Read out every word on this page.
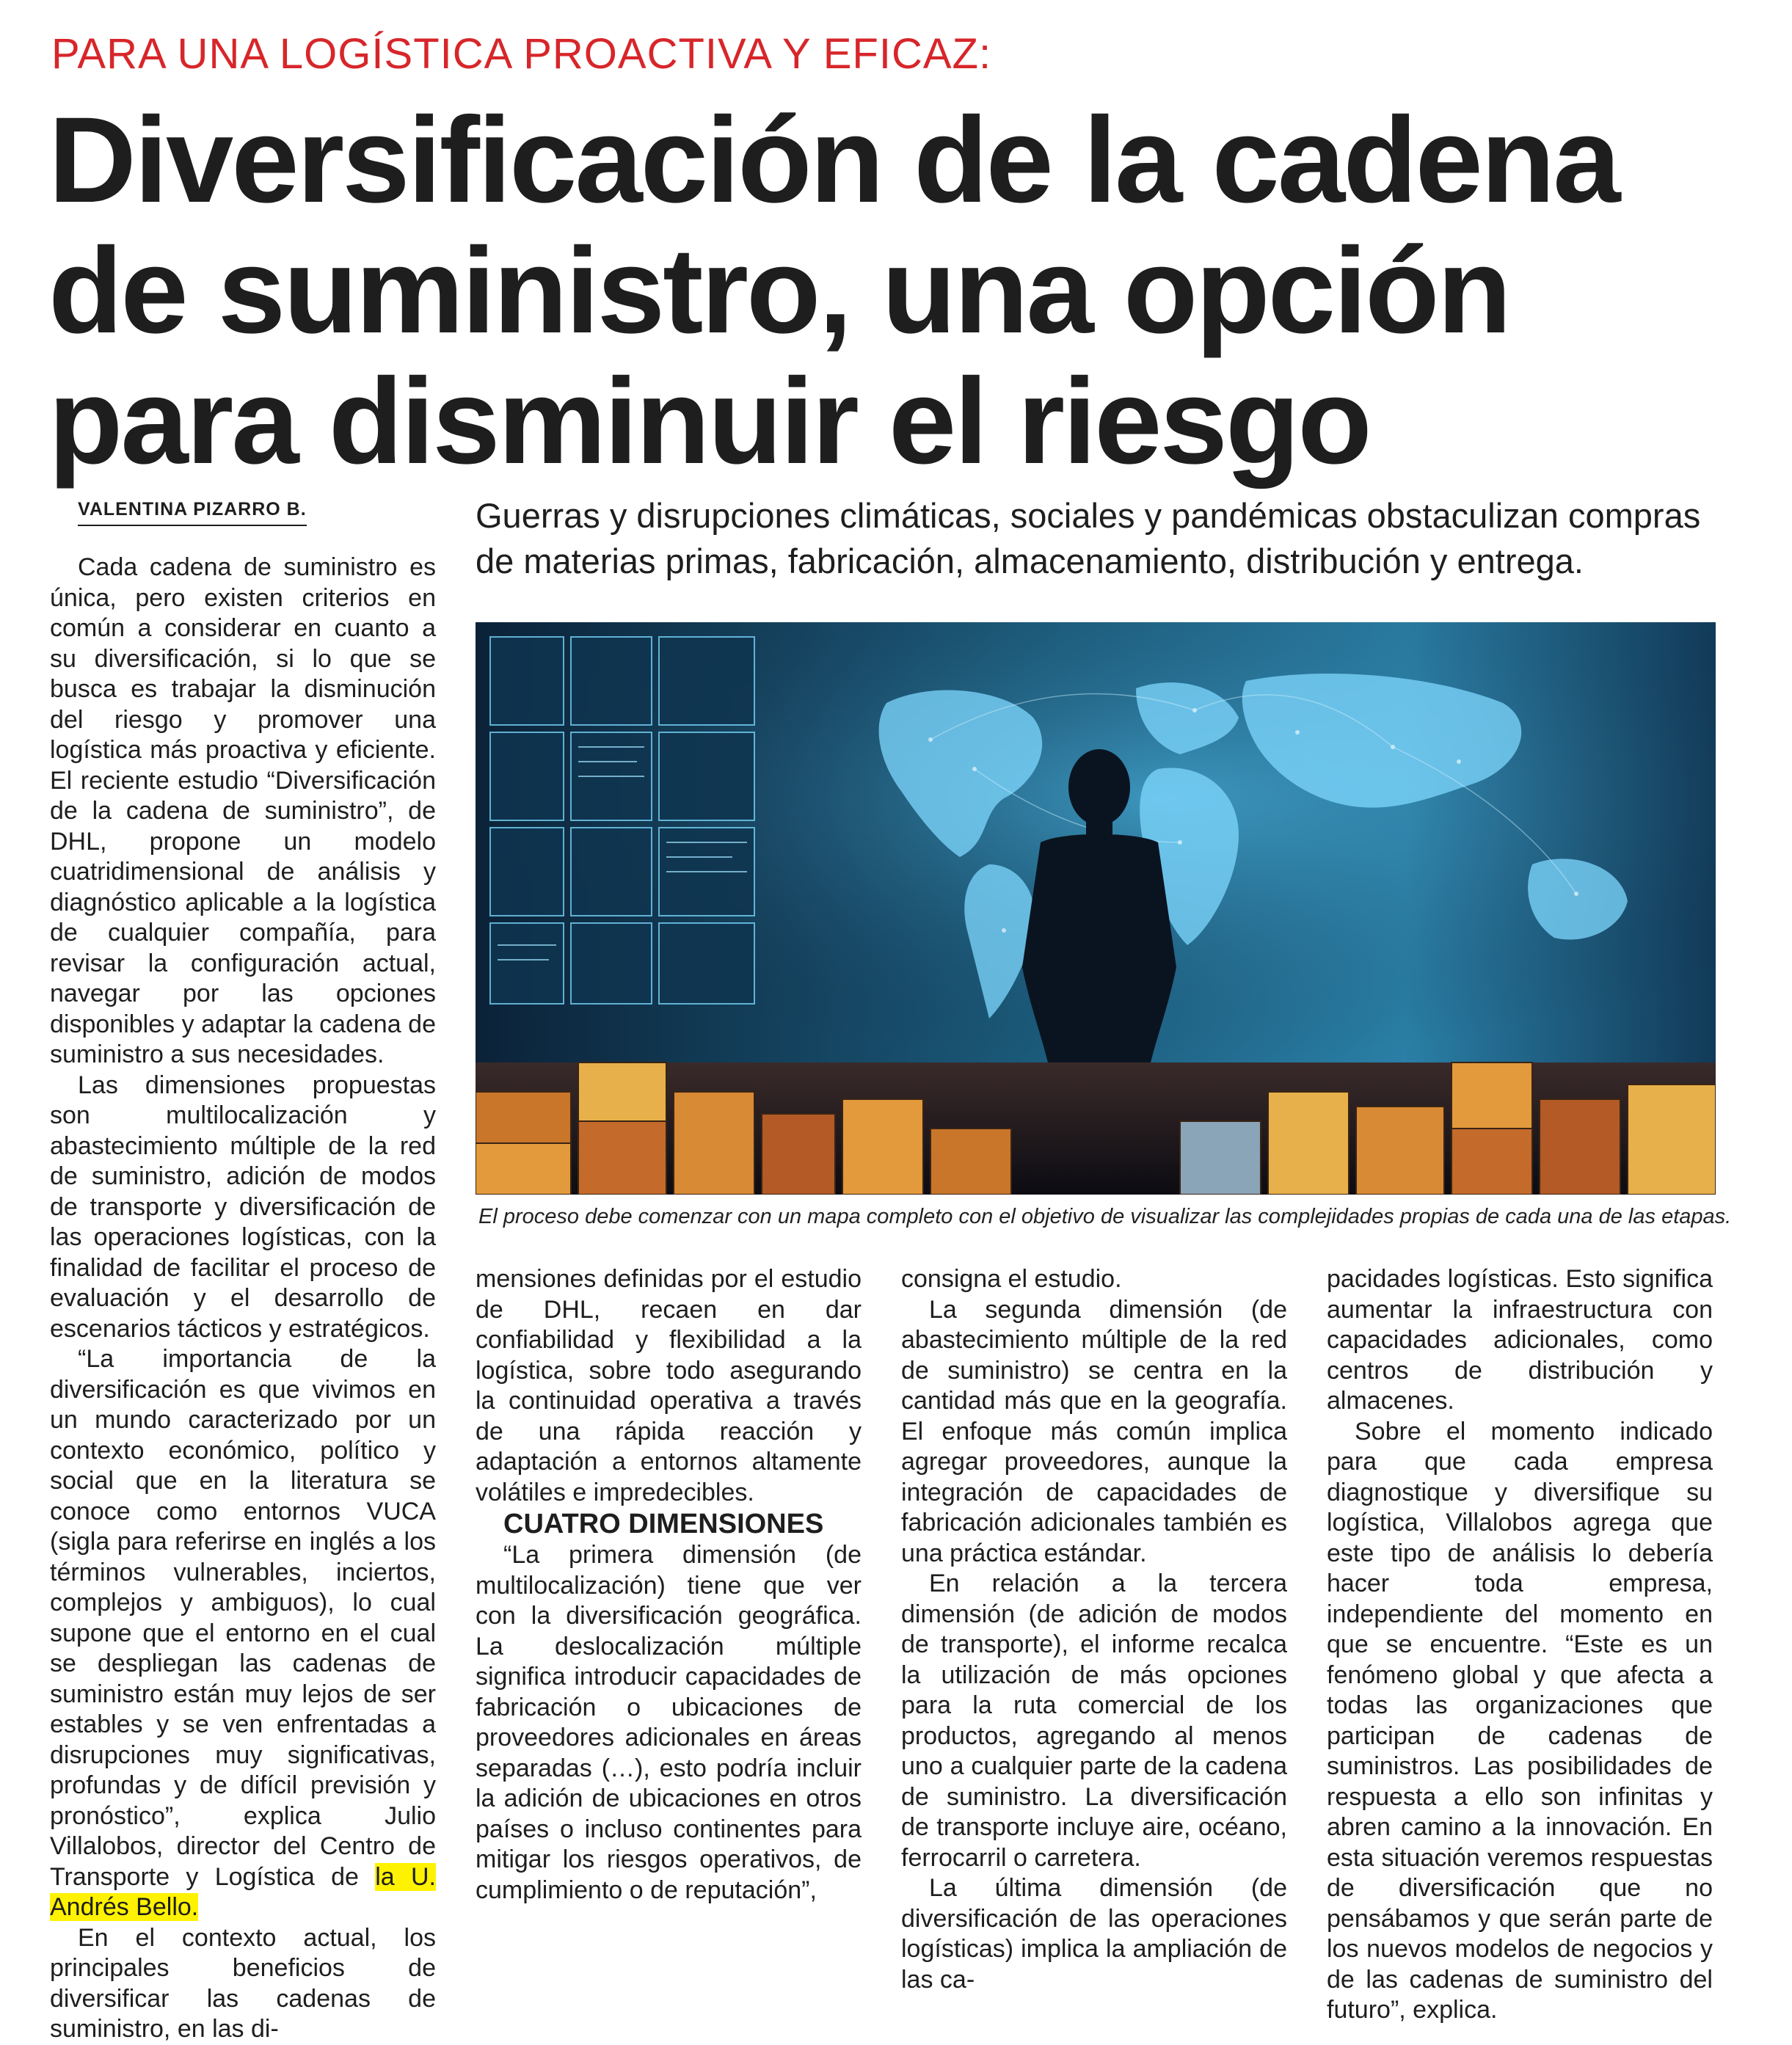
PARA UNA LOGÍSTICA PROACTIVA Y EFICAZ:
Diversificación de la cadena
de suministro, una opción
para disminuir el riesgo
VALENTINA PIZARRO B.	Guerras y disrupciones climáticas, sociales y pandémicas obstaculizan compras de materias primas, fabricación, almacenamiento, distribución y entrega.
El proceso debe comenzar con un mapa completo con el objetivo de visualizar las complejidades propias de cada una de las etapas.

Cada cadena de suministro es única, pero existen criterios en común a considerar en cuanto a su diversificación, si lo que se busca es trabajar la disminución del riesgo y promover una logística más proactiva y eficiente. El reciente estudio “Diversificación de la cadena de suministro”, de DHL, propone un modelo cuatridimensional de análisis y diagnóstico aplicable a la logística de cualquier compañía, para revisar la configuración actual, navegar por las opciones disponibles y adaptar la cadena de suministro a sus necesidades.

Las dimensiones propuestas son multilocalización y abastecimiento múltiple de la red de suministro, adición de modos de transporte y diversificación de las operaciones logísticas, con la finalidad de facilitar el proceso de evaluación y el desarrollo de escenarios tácticos y estratégicos.

“La importancia de la diversificación es que vivimos en un mundo caracterizado por un contexto económico, político y social que en la literatura se conoce como entornos VUCA (sigla para referirse en inglés a los términos vulnerables, inciertos, complejos y ambiguos), lo cual supone que el entorno en el cual se despliegan las cadenas de suministro están muy lejos de ser estables y se ven enfrentadas a disrupciones muy significativas, profundas y de difícil previsión y pronóstico”, explica Julio Villalobos, director del Centro de Transporte y Logística de la U. Andrés Bello.

En el contexto actual, los principales beneficios de diversificar las cadenas de suministro, en las di-

mensiones definidas por el estudio de DHL, recaen en dar confiabilidad y flexibilidad a la logística, sobre todo asegurando la continuidad operativa a través de una rápida reacción y adaptación a entornos altamente volátiles e impredecibles.

CUATRO DIMENSIONES

“La primera dimensión (de multilocalización) tiene que ver con la diversificación geográfica. La deslocalización múltiple significa introducir capacidades de fabricación o ubicaciones de proveedores adicionales en áreas separadas (…), esto podría incluir la adición de ubicaciones en otros países o incluso continentes para mitigar los riesgos operativos, de cumplimiento o de reputación”,

consigna el estudio.

La segunda dimensión (de abastecimiento múltiple de la red de suministro) se centra en la cantidad más que en la geografía. El enfoque más común implica agregar proveedores, aunque la integración de capacidades de fabricación adicionales también es una práctica estándar.

En relación a la tercera dimensión (de adición de modos de transporte), el informe recalca la utilización de más opciones para la ruta comercial de los productos, agregando al menos uno a cualquier parte de la cadena de suministro. La diversificación de transporte incluye aire, océano, ferrocarril o carretera.

La última dimensión (de diversificación de las operaciones logísticas) implica la ampliación de las ca-

pacidades logísticas. Esto significa aumentar la infraestructura con capacidades adicionales, como centros de distribución y almacenes.

Sobre el momento indicado para que cada empresa diagnostique y diversifique su logística, Villalobos agrega que este tipo de análisis lo debería hacer toda empresa, independiente del momento en que se encuentre. “Este es un fenómeno global y que afecta a todas las organizaciones que participan de cadenas de suministros. Las posibilidades de respuesta a ello son infinitas y abren camino a la innovación. En esta situación veremos respuestas de diversificación que no pensábamos y que serán parte de los nuevos modelos de negocios y de las cadenas de suministro del futuro”, explica.
